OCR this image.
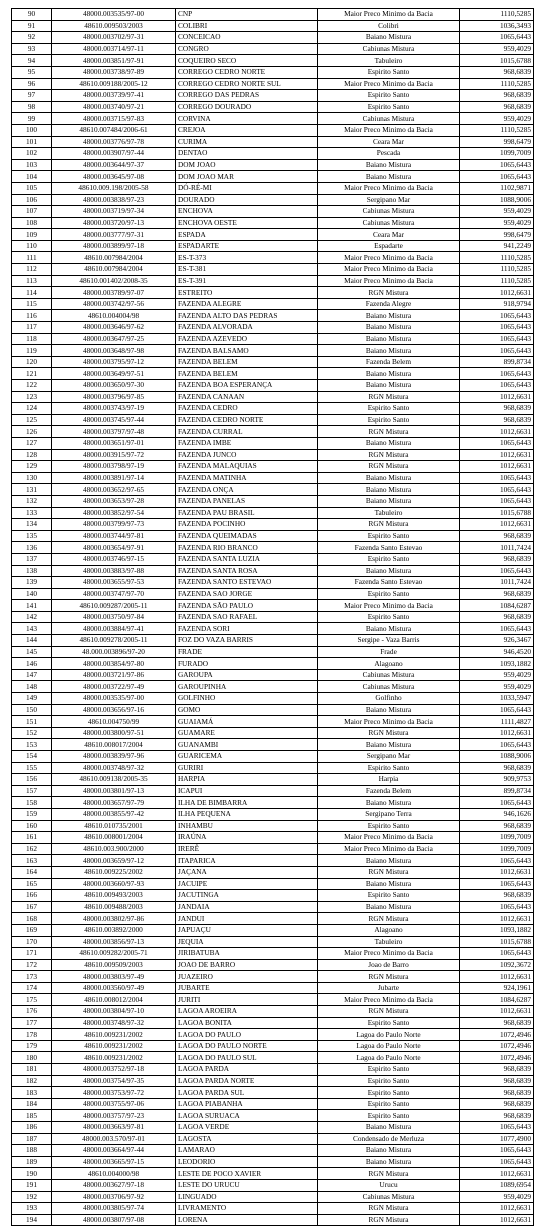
90	48000.003535/97-00	CNP	Maior Preco Minimo da Bacia	1110,5285
91	48610.009503/2003	COLIBRI	Colibri	1036,3493
92	48000.003702/97-31	CONCEICAO	Baiano Mistura	1065,6443
93	48000.003714/97-11	CONGRO	Cabiunas Mistura	959,4029
94	48000.003851/97-91	COQUEIRO SECO	Tabuleiro	1015,6788
95	48000.003738/97-89	CORREGO CEDRO NORTE	Espirito Santo	968,6839
96	48610.009188/2005-12	CORREGO CEDRO NORTE SUL	Maior Preco Minimo da Bacia	1110,5285
97	48000.003739/97-41	CORREGO DAS PEDRAS	Espirito Santo	968,6839
98	48000.003740/97-21	CORREGO DOURADO	Espirito Santo	968,6839
99	48000.003715/97-83	CORVINA	Cabiunas Mistura	959,4029
100	48610.007484/2006-61	CREJOA	Maior Preco Minimo da Bacia	1110,5285
101	48000.003776/97-78	CURIMA	Ceara Mar	998,6479
102	48000.003907/97-44	DENTAO	Pescada	1099,7009
103	48000.003644/97-37	DOM JOAO	Baiano Mistura	1065,6443
104	48000.003645/97-08	DOM JOAO MAR	Baiano Mistura	1065,6443
105	48610.009.198/2005-58	DÓ-RÉ-MI	Maior Preco Minimo da Bacia	1102,9871
106	48000.003838/97-23	DOURADO	Sergipano Mar	1088,9006
107	48000.003719/97-34	ENCHOVA	Cabiunas Mistura	959,4029
108	48000.003720/97-13	ENCHOVA OESTE	Cabiunas Mistura	959,4029
109	48000.003777/97-31	ESPADA	Ceara Mar	998,6479
110	48000.003899/97-18	ESPADARTE	Espadarte	941,2249
111	48610.007984/2004	ES-T-373	Maior Preco Minimo da Bacia	1110,5285
112	48610.007984/2004	ES-T-381	Maior Preco Minimo da Bacia	1110,5285
113	48610.001402/2008-35	ES-T-391	Maior Preco Minimo da Bacia	1110,5285
114	48000.003789/97-07	ESTREITO	RGN Mistura	1012,6631
115	48000.003742/97-56	FAZENDA ALEGRE	Fazenda Alegre	918,9794
116	48610.004004/98	FAZENDA ALTO DAS PEDRAS	Baiano Mistura	1065,6443
117	48000.003646/97-62	FAZENDA ALVORADA	Baiano Mistura	1065,6443
118	48000.003647/97-25	FAZENDA AZEVEDO	Baiano Mistura	1065,6443
119	48000.003648/97-98	FAZENDA BALSAMO	Baiano Mistura	1065,6443
120	48000.003795/97-12	FAZENDA BELEM	Fazenda Belem	899,8734
121	48000.003649/97-51	FAZENDA BELEM	Baiano Mistura	1065,6443
122	48000.003650/97-30	FAZENDA BOA ESPERANÇA	Baiano Mistura	1065,6443
123	48000.003796/97-85	FAZENDA CANAAN	RGN Mistura	1012,6631
124	48000.003743/97-19	FAZENDA CEDRO	Espirito Santo	968,6839
125	48000.003745/97-44	FAZENDA CEDRO NORTE	Espirito Santo	968,6839
126	48000.003797/97-48	FAZENDA CURRAL	RGN Mistura	1012,6631
127	48000.003651/97-01	FAZENDA IMBE	Baiano Mistura	1065,6443
128	48000.003915/97-72	FAZENDA JUNCO	RGN Mistura	1012,6631
129	48000.003798/97-19	FAZENDA MALAQUIAS	RGN Mistura	1012,6631
130	48000.003891/97-14	FAZENDA MATINHA	Baiano Mistura	1065,6443
131	48000.003652/97-65	FAZENDA ONÇA	Baiano Mistura	1065,6443
132	48000.003653/97-28	FAZENDA PANELAS	Baiano Mistura	1065,6443
133	48000.003852/97-54	FAZENDA PAU BRASIL	Tabuleiro	1015,6788
134	48000.003799/97-73	FAZENDA POCINHO	RGN Mistura	1012,6631
135	48000.003744/97-81	FAZENDA QUEIMADAS	Espirito Santo	968,6839
136	48000.003654/97-91	FAZENDA RIO BRANCO	Fazenda Santo Estevao	1011,7424
137	48000.003746/97-15	FAZENDA SANTA LUZIA	Espirito Santo	968,6839
138	48000.003883/97-88	FAZENDA SANTA ROSA	Baiano Mistura	1065,6443
139	48000.003655/97-53	FAZENDA SANTO ESTEVAO	Fazenda Santo Estevao	1011,7424
140	48000.003747/97-70	FAZENDA SAO JORGE	Espirito Santo	968,6839
141	48610.009287/2005-11	FAZENDA SÃO PAULO	Maior Preco Minimo da Bacia	1084,6287
142	48000.003750/97-84	FAZENDA SAO RAFAEL	Espirito Santo	968,6839
143	48000.003884/97-41	FAZENDA SORI	Baiano Mistura	1065,6443
144	48610.009278/2005-11	FOZ DO VAZA BARRIS	Sergipe - Vaza Barris	926,3467
145	48.000.003896/97-20	FRADE	Frade	946,4520
146	48000.003854/97-80	FURADO	Alagoano	1093,1882
147	48000.003721/97-86	GAROUPA	Cabiunas Mistura	959,4029
148	48000.003722/97-49	GAROUPINHA	Cabiunas Mistura	959,4029
149	48000.003535/97-00	GOLFINHO	Golfinho	1033,5947
150	48000.003656/97-16	GOMO	Baiano Mistura	1065,6443
151	48610.004750/99	GUAIAMÁ	Maior Preco Minimo da Bacia	1111,4827
152	48000.003800/97-51	GUAMARE	RGN Mistura	1012,6631
153	48610.008017/2004	GUANAMBI	Baiano Mistura	1065,6443
154	48000.003839/97-96	GUARICEMA	Sergipano Mar	1088,9006
155	48000.003748/97-32	GURIRI	Espirito Santo	968,6839
156	48610.009138/2005-35	HARPIA	Harpia	909,9753
157	48000.003801/97-13	ICAPUI	Fazenda Belem	899,8734
158	48000.003657/97-79	ILHA DE BIMBARRA	Baiano Mistura	1065,6443
159	48000.003855/97-42	ILHA PEQUENA	Sergipano Terra	946,1626
160	48610.010735/2001	INHAMBU	Espirito Santo	968,6839
161	48610.008001/2004	IRAÚNA	Maior Preco Minimo da Bacia	1099,7009
162	48610.003.900/2000	IRERÊ	Maior Preco Minimo da Bacia	1099,7009
163	48000.003659/97-12	ITAPARICA	Baiano Mistura	1065,6443
164	48610.009225/2002	JAÇANA	RGN Mistura	1012,6631
165	48000.003660/97-93	JACUIPE	Baiano Mistura	1065,6443
166	48610.009493/2003	JACUTINGA	Espirito Santo	968,6839
167	48610.009488/2003	JANDAIA	Baiano Mistura	1065,6443
168	48000.003802/97-86	JANDUI	RGN Mistura	1012,6631
169	48610.003892/2000	JAPUAÇU	Alagoano	1093,1882
170	48000.003856/97-13	JEQUIA	Tabuleiro	1015,6788
171	48610.009282/2005-71	JIRIBATUBA	Maior Preco Minimo da Bacia	1065,6443
172	48610.009509/2003	JOAO DE BARRO	Joao de Barro	1092,3672
173	48000.003803/97-49	JUAZEIRO	RGN Mistura	1012,6631
174	48000.003560/97-49	JUBARTE	Jubarte	924,1961
175	48610.008012/2004	JURITI	Maior Preco Minimo da Bacia	1084,6287
176	48000.003804/97-10	LAGOA AROEIRA	RGN Mistura	1012,6631
177	48000.003748/97-32	LAGOA BONITA	Espirito Santo	968,6839
178	48610.009231/2002	LAGOA DO PAULO	Lagoa do Paulo Norte	1072,4946
179	48610.009231/2002	LAGOA DO PAULO NORTE	Lagoa do Paulo Norte	1072,4946
180	48610.009231/2002	LAGOA DO PAULO SUL	Lagoa do Paulo Norte	1072,4946
181	48000.003752/97-18	LAGOA PARDA	Espirito Santo	968,6839
182	48000.003754/97-35	LAGOA PARDA NORTE	Espirito Santo	968,6839
183	48000.003753/97-72	LAGOA PARDA SUL	Espirito Santo	968,6839
184	48000.003755/97-06	LAGOA PIABANHA	Espirito Santo	968,6839
185	48000.003757/97-23	LAGOA SURUACA	Espirito Santo	968,6839
186	48000.003663/97-81	LAGOA VERDE	Baiano Mistura	1065,6443
187	48000.003.570/97-01	LAGOSTA	Condensado de Merluza	1077,4900
188	48000.003664/97-44	LAMARAO	Baiano Mistura	1065,6443
189	48000.003665/97-15	LEODORIO	Baiano Mistura	1065,6443
190	48610.004000/98	LESTE DE POCO XAVIER	RGN Mistura	1012,6631
191	48000.003627/97-18	LESTE DO URUCU	Urucu	1089,6954
192	48000.003706/97-92	LINGUADO	Cabiunas Mistura	959,4029
193	48000.003805/97-74	LIVRAMENTO	RGN Mistura	1012,6631
194	48000.003807/97-08	LORENA	RGN Mistura	1012,6631
